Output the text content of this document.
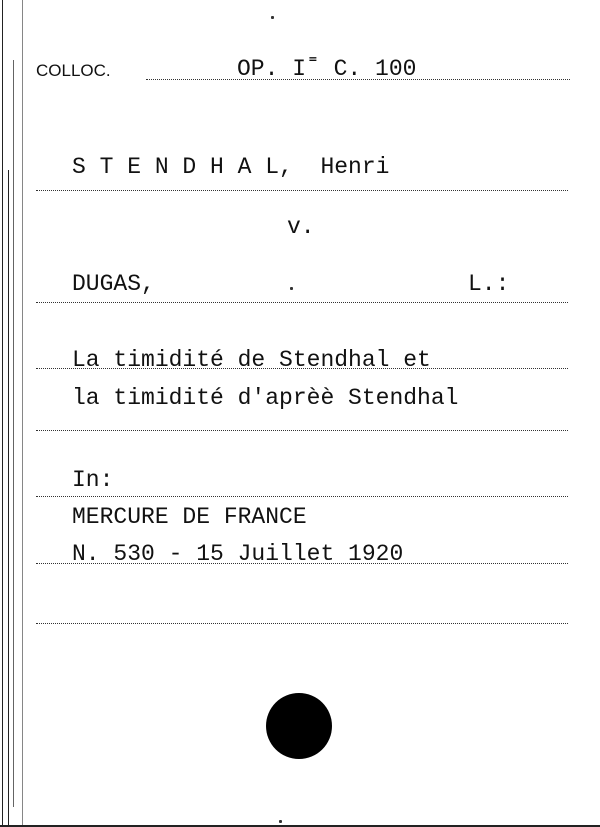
COLLOC.	OP. I˭ C. 100
S T E N D H A L,  Henri
v.
DUGAS,	L.:
La timidité de Stendhal et
la timidité d'aprèè Stendhal
In:
MERCURE DE FRANCE
N. 530 - 15 Juillet 1920
